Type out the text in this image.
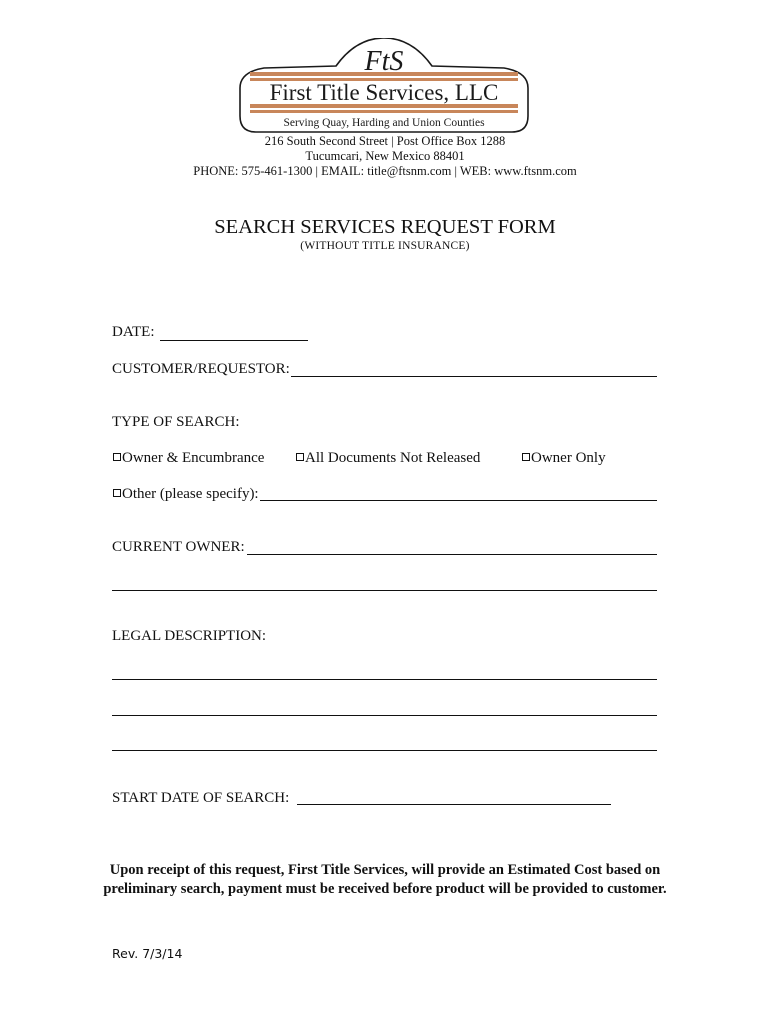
FtS
First Title Services, LLC
Serving Quay, Harding and Union Counties
216 South Second Street | Post Office Box 1288
Tucumcari, New Mexico 88401
PHONE: 575-461-1300 | EMAIL: title@ftsnm.com | WEB: www.ftsnm.com
SEARCH SERVICES REQUEST FORM
(WITHOUT TITLE INSURANCE)
DATE:
CUSTOMER/REQUESTOR:
TYPE OF SEARCH:
Owner & Encumbrance	All Documents Not Released	Owner Only
Other (please specify):
CURRENT OWNER:
LEGAL DESCRIPTION:
START DATE OF SEARCH:
Upon receipt of this request, First Title Services, will provide an Estimated Cost based on preliminary search, payment must be received before product will be provided to customer.
Rev. 7/3/14
